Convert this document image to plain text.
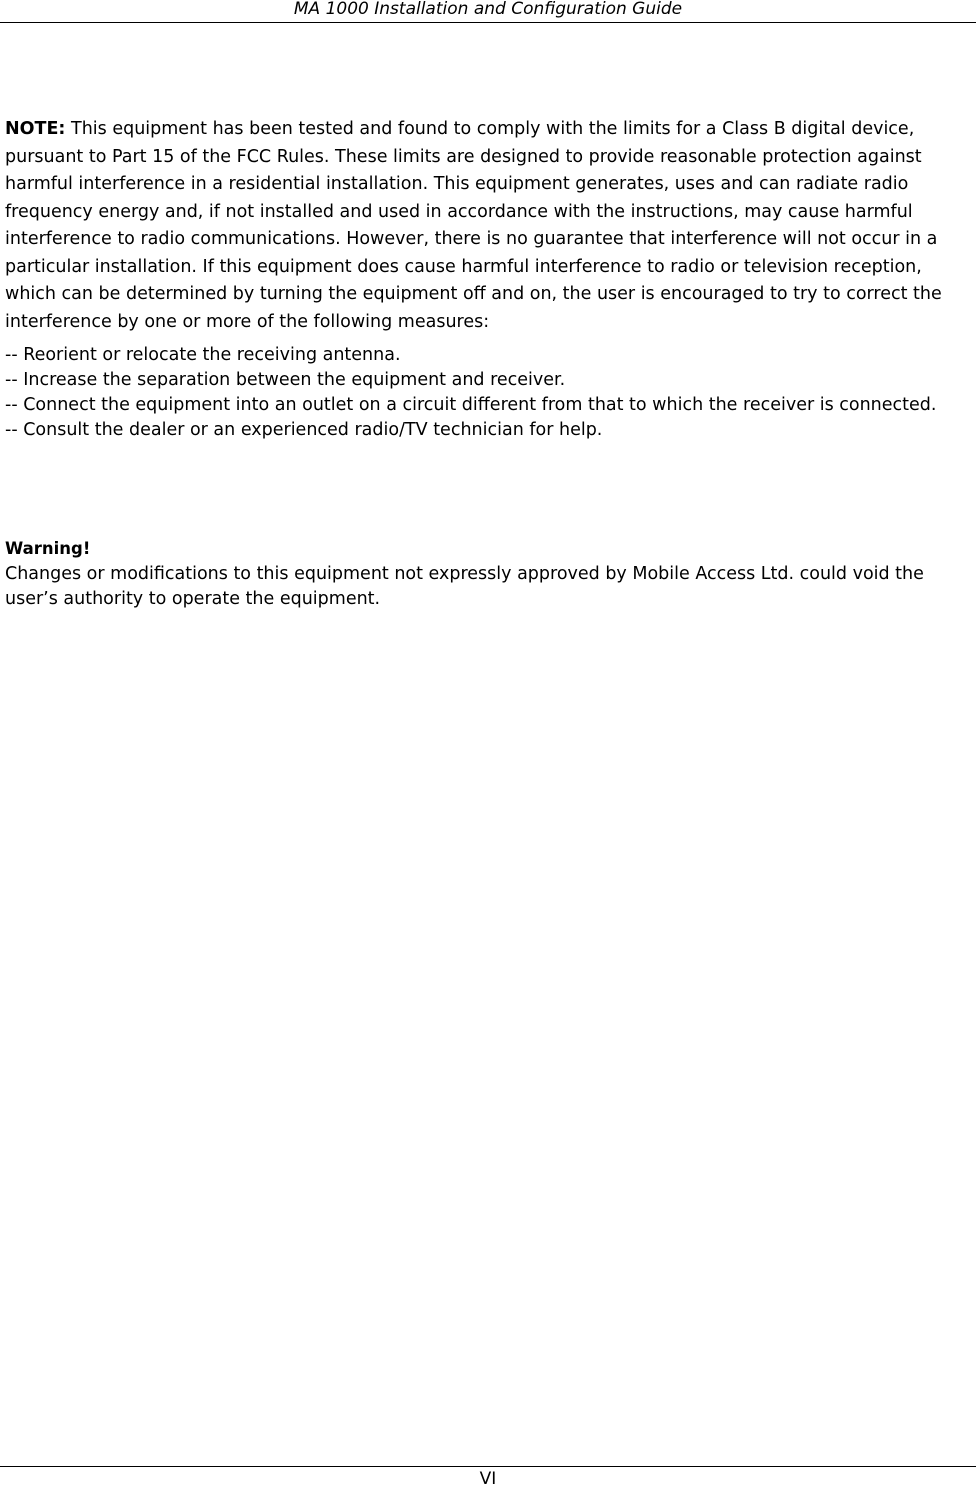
MA 1000 Installation and Configuration Guide

NOTE: This equipment has been tested and found to comply with the limits for a Class B digital device, pursuant to Part 15 of the FCC Rules. These limits are designed to provide reasonable protection against harmful interference in a residential installation. This equipment generates, uses and can radiate radio frequency energy and, if not installed and used in accordance with the instructions, may cause harmful interference to radio communications. However, there is no guarantee that interference will not occur in a particular installation. If this equipment does cause harmful interference to radio or television reception, which can be determined by turning the equipment off and on, the user is encouraged to try to correct the interference by one or more of the following measures:

-- Reorient or relocate the receiving antenna.
-- Increase the separation between the equipment and receiver.
-- Connect the equipment into an outlet on a circuit different from that to which the receiver is connected.
-- Consult the dealer or an experienced radio/TV technician for help.

Warning!

Changes or modifications to this equipment not expressly approved by Mobile Access Ltd. could void the user’s authority to operate the equipment.

VI
